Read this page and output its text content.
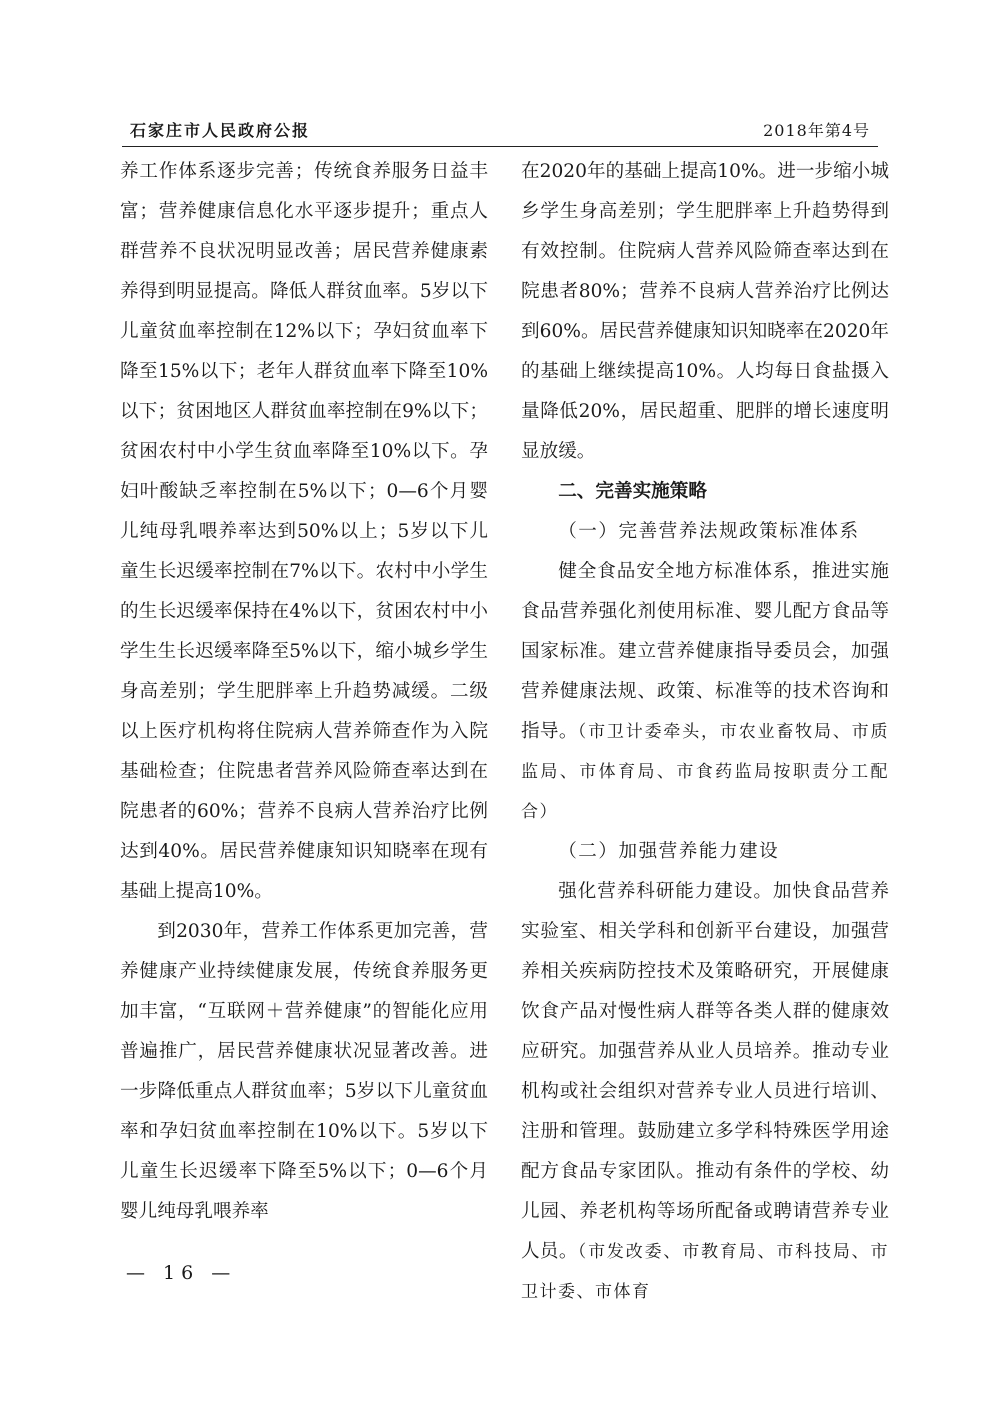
石家庄市人民政府公报	2018年第4号

养工作体系逐步完善；传统食养服务日益丰富；营养健康信息化水平逐步提升；重点人群营养不良状况明显改善；居民营养健康素养得到明显提高。降低人群贫血率。5岁以下儿童贫血率控制在12%以下；孕妇贫血率下降至15%以下；老年人群贫血率下降至10%以下；贫困地区人群贫血率控制在9%以下；贫困农村中小学生贫血率降至10%以下。孕妇叶酸缺乏率控制在5%以下；0—6个月婴儿纯母乳喂养率达到50%以上；5岁以下儿童生长迟缓率控制在7%以下。农村中小学生的生长迟缓率保持在4%以下，贫困农村中小学生生长迟缓率降至5%以下，缩小城乡学生身高差别；学生肥胖率上升趋势减缓。二级以上医疗机构将住院病人营养筛查作为入院基础检查；住院患者营养风险筛查率达到在院患者的60%；营养不良病人营养治疗比例达到40%。居民营养健康知识知晓率在现有基础上提高10%。

到2030年，营养工作体系更加完善，营养健康产业持续健康发展，传统食养服务更加丰富，“互联网＋营养健康”的智能化应用普遍推广，居民营养健康状况显著改善。进一步降低重点人群贫血率；5岁以下儿童贫血率和孕妇贫血率控制在10%以下。5岁以下儿童生长迟缓率下降至5%以下；0—6个月婴儿纯母乳喂养率

在2020年的基础上提高10%。进一步缩小城乡学生身高差别；学生肥胖率上升趋势得到有效控制。住院病人营养风险筛查率达到在院患者80%；营养不良病人营养治疗比例达到60%。居民营养健康知识知晓率在2020年的基础上继续提高10%。人均每日食盐摄入量降低20%，居民超重、肥胖的增长速度明显放缓。

二、完善实施策略

（一）完善营养法规政策标准体系

健全食品安全地方标准体系，推进实施食品营养强化剂使用标准、婴儿配方食品等国家标准。建立营养健康指导委员会，加强营养健康法规、政策、标准等的技术咨询和指导。（市卫计委牵头，市农业畜牧局、市质监局、市体育局、市食药监局按职责分工配合）

（二）加强营养能力建设

强化营养科研能力建设。加快食品营养实验室、相关学科和创新平台建设，加强营养相关疾病防控技术及策略研究，开展健康饮食产品对慢性病人群等各类人群的健康效应研究。加强营养从业人员培养。推动专业机构或社会组织对营养专业人员进行培训、注册和管理。鼓励建立多学科特殊医学用途配方食品专家团队。推动有条件的学校、幼儿园、养老机构等场所配备或聘请营养专业人员。（市发改委、市教育局、市科技局、市卫计委、市体育

— 16 —
